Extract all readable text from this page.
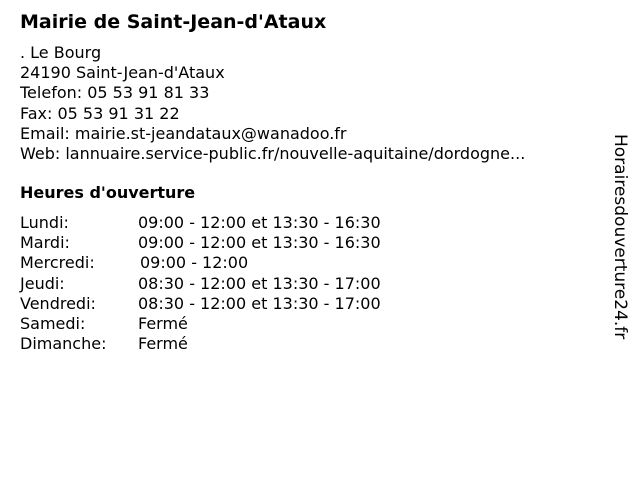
Mairie de Saint-Jean-d'Ataux
. Le Bourg
24190 Saint-Jean-d'Ataux
Telefon: 05 53 91 81 33
Fax: 05 53 91 31 22
Email: mairie.st-jeandataux@wanadoo.fr
Web: lannuaire.service-public.fr/nouvelle-aquitaine/dordogne...
Heures d'ouverture
Lundi:	09:00 - 12:00 et 13:30 - 16:30
Mardi:	09:00 - 12:00 et 13:30 - 16:30
Mercredi:	09:00 - 12:00
Jeudi:	08:30 - 12:00 et 13:30 - 17:00
Vendredi:	08:30 - 12:00 et 13:30 - 17:00
Samedi:	Fermé
Dimanche: Fermé
Horairesdouverture24.fr
